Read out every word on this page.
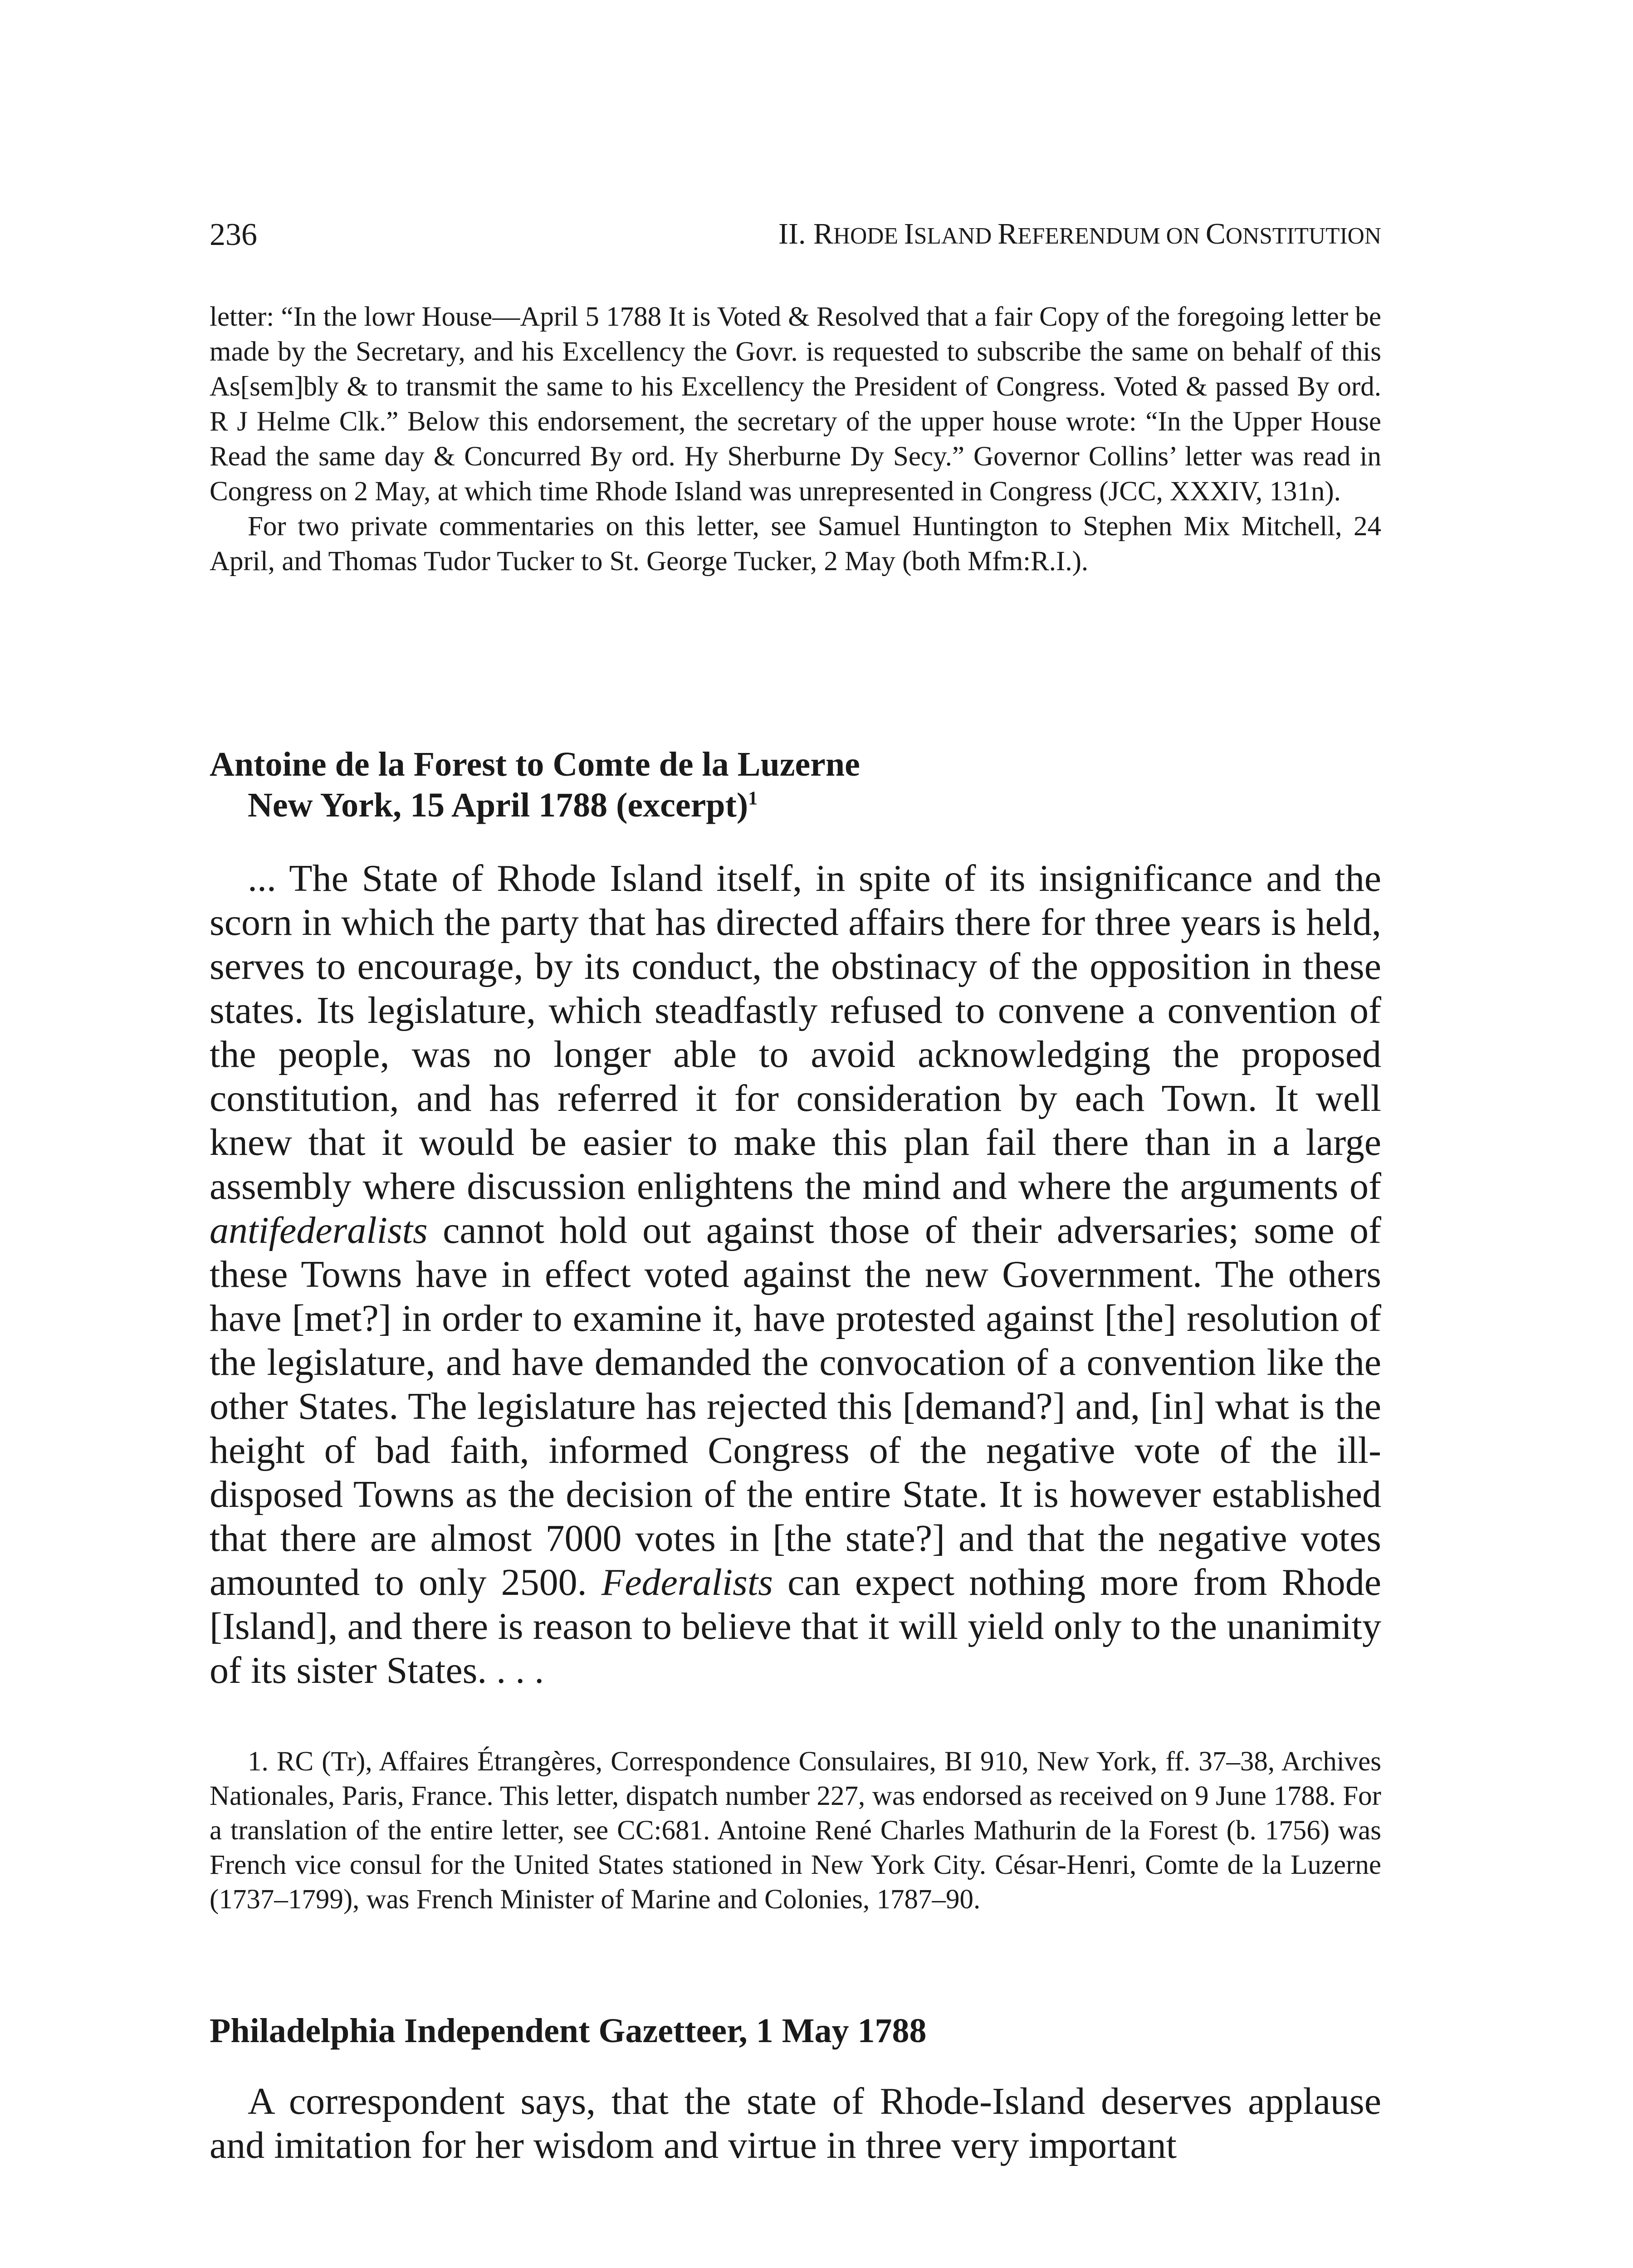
236	II. RHODE ISLAND REFERENDUM ON CONSTITUTION

letter: “In the lowr House—April 5 1788 It is Voted & Resolved that a fair Copy of the foregoing letter be made by the Secretary, and his Excellency the Govr. is requested to subscribe the same on behalf of this As[sem]bly & to transmit the same to his Excellency the President of Congress. Voted & passed By ord. R J Helme Clk.” Below this endorsement, the secretary of the upper house wrote: “In the Upper House Read the same day & Concurred By ord. Hy Sherburne Dy Secy.” Governor Collins’ letter was read in Congress on 2 May, at which time Rhode Island was unrepresented in Congress (JCC, XXXIV, 131n).

For two private commentaries on this letter, see Samuel Huntington to Stephen Mix Mitchell, 24 April, and Thomas Tudor Tucker to St. George Tucker, 2 May (both Mfm:R.I.).

Antoine de la Forest to Comte de la Luzerne

New York, 15 April 1788 (excerpt)$^1$

... The State of Rhode Island itself, in spite of its insignificance and the scorn in which the party that has directed affairs there for three years is held, serves to encourage, by its conduct, the obstinacy of the opposition in these states. Its legislature, which steadfastly refused to convene a convention of the people, was no longer able to avoid acknowledging the proposed constitution, and has referred it for consideration by each Town. It well knew that it would be easier to make this plan fail there than in a large assembly where discussion enlightens the mind and where the arguments of antifederalists cannot hold out against those of their adversaries; some of these Towns have in effect voted against the new Government. The others have [met?] in order to examine it, have protested against [the] resolution of the legislature, and have demanded the convocation of a convention like the other States. The legislature has rejected this [demand?] and, [in] what is the height of bad faith, informed Congress of the negative vote of the ill-disposed Towns as the decision of the entire State. It is however established that there are almost 7000 votes in [the state?] and that the negative votes amounted to only 2500. Federalists can expect nothing more from Rhode [Island], and there is reason to believe that it will yield only to the unanimity of its sister States. . . .

1. RC (Tr), Affaires Étrangères, Correspondence Consulaires, BI 910, New York, ff. 37–38, Archives Nationales, Paris, France. This letter, dispatch number 227, was endorsed as received on 9 June 1788. For a translation of the entire letter, see CC:681. Antoine René Charles Mathurin de la Forest (b. 1756) was French vice consul for the United States stationed in New York City. César-Henri, Comte de la Luzerne (1737–1799), was French Minister of Marine and Colonies, 1787–90.

Philadelphia Independent Gazetteer, 1 May 1788

A correspondent says, that the state of Rhode-Island deserves applause and imitation for her wisdom and virtue in three very important
